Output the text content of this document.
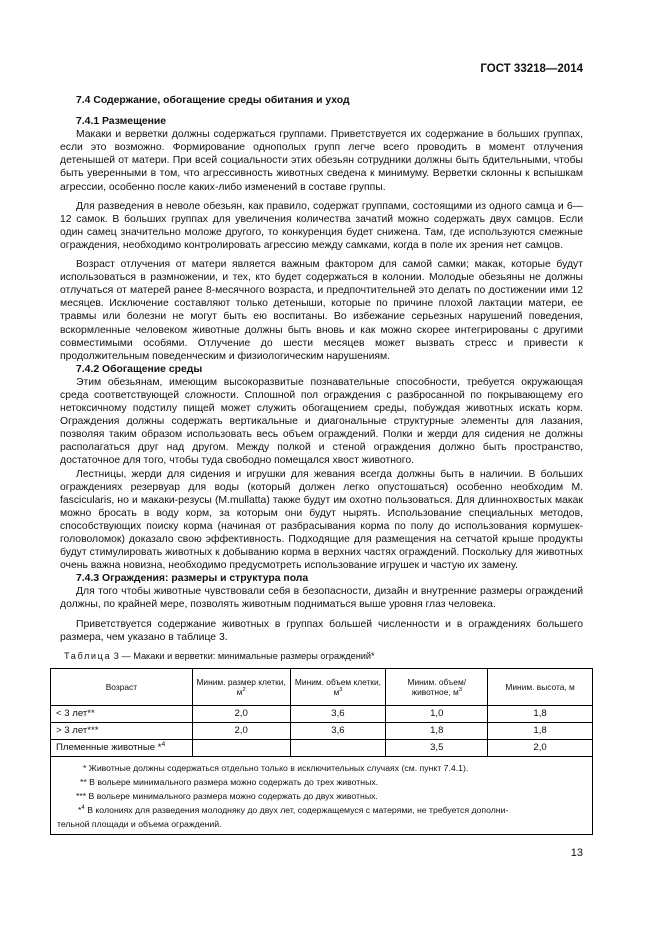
ГОСТ 33218—2014
7.4 Содержание, обогащение среды обитания и уход
7.4.1 Размещение

Макаки и верветки должны содержаться группами. Приветствуется их содержание в больших группах, если это возможно. Формирование однополых групп легче всего проводить в момент отлучения детенышей от матери. При всей социальности этих обезьян сотрудники должны быть бдительными, чтобы быть уверенными в том, что агрессивность животных сведена к минимуму. Верветки склонны к вспышкам агрессии, особенно после каких-либо изменений в составе группы.

Для разведения в неволе обезьян, как правило, содержат группами, состоящими из одного самца и 6—12 самок. В больших группах для увеличения количества зачатий можно содержать двух самцов. Если один самец значительно моложе другого, то конкуренция будет снижена. Там, где используются смежные ограждения, необходимо контролировать агрессию между самками, когда в поле их зрения нет самцов.

Возраст отлучения от матери является важным фактором для самой самки; макак, которые будут использоваться в размножении, и тех, кто будет содержаться в колонии. Молодые обезьяны не должны отлучаться от матерей ранее 8-месячного возраста, и предпочтительней это делать по достижении ими 12 месяцев. Исключение составляют только детеныши, которые по причине плохой лактации матери, ее травмы или болезни не могут быть ею воспитаны. Во избежание серьезных нарушений поведения, вскормленные человеком животные должны быть вновь и как можно скорее интегрированы с другими совместимыми особями. Отлучение до шести месяцев может вызвать стресс и привести к продолжительным поведенческим и физиологическим нарушениям.

7.4.2 Обогащение среды

Этим обезьянам, имеющим высокоразвитые познавательные способности, требуется окружающая среда соответствующей сложности. Сплошной пол ограждения с разбросанной по покрывающему его нетоксичному подстилу пищей может служить обогащением среды, побуждая животных искать корм. Ограждения должны содержать вертикальные и диагональные структурные элементы для лазания, позволяя таким образом использовать весь объем ограждений. Полки и жерди для сидения не должны располагаться друг над другом. Между полкой и стеной ограждения должно быть пространство, достаточное для того, чтобы туда свободно помещался хвост животного.

Лестницы, жерди для сидения и игрушки для жевания всегда должны быть в наличии. В больших ограждениях резервуар для воды (который должен легко опустошаться) особенно необходим M. fascicularis, но и макаки-резусы (M.mullatta) также будут им охотно пользоваться. Для длиннохвостых макак можно бросать в воду корм, за которым они будут нырять. Использование специальных методов, способствующих поиску корма (начиная от разбрасывания корма по полу до использования кормушек-головоломок) доказало свою эффективность. Подходящие для размещения на сетчатой крыше продукты будут стимулировать животных к добыванию корма в верхних частях ограждений. Поскольку для животных очень важна новизна, необходимо предусмотреть использование игрушек и частую их замену.

7.4.3 Ограждения: размеры и структура пола

Для того чтобы животные чувствовали себя в безопасности, дизайн и внутренние размеры ограждений должны, по крайней мере, позволять животным подниматься выше уровня глаз человека.

Приветствуется содержание животных в группах большей численности и в ограждениях большего размера, чем указано в таблице 3.

Таблица 3 — Макаки и верветки: минимальные размеры ограждений*
Возраст	Миним. размер клетки, $м^2$	Миним. объем клетки, $м^3$	Миним. объем/ животное, $м^3$	Миним. высота, м
< 3 лет**	2,0	3,6	1,0	1,8
> 3 лет***	2,0	3,6	1,8	1,8
Племенные животные *$^4$			3,5	2,0

* Животные должны содержаться отдельно только в исключительных случаях (см. пункт 7.4.1).
** В вольере минимального размера можно содержать до трех животных.
*** В вольере минимального размера можно содержать до двух животных.
*$^4$ В колониях для разведения молодняку до двух лет, содержащемуся с матерями, не требуется дополни-
тельной площади и объема ограждений.				
13
